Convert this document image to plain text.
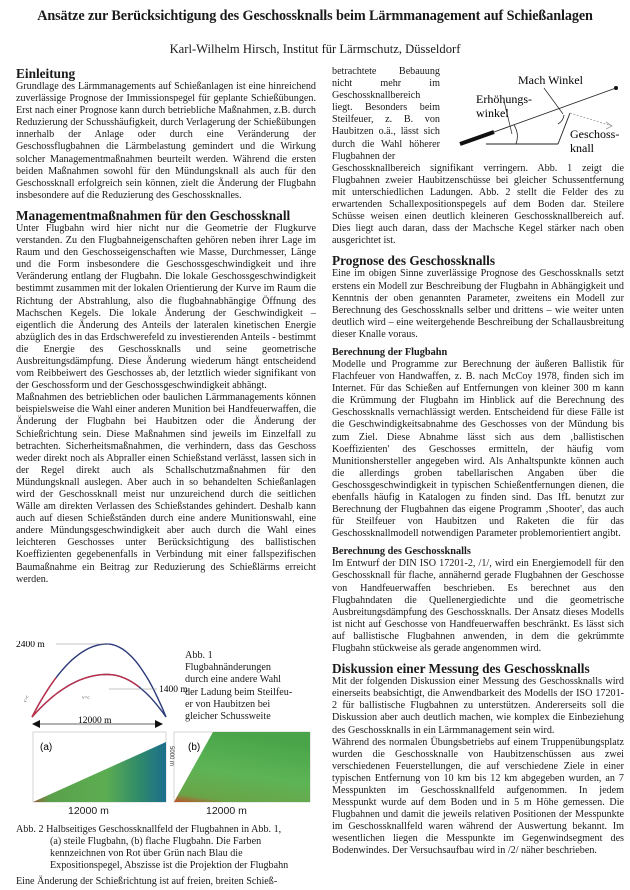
Ansätze zur Berücksichtigung des Geschossknalls beim Lärmmanagement auf Schießanlagen
Karl-Wilhelm Hirsch, Institut für Lärmschutz, Düsseldorf
Einleitung

Grundlage des Lärmmanagements auf Schießanlagen ist eine hinreichend zuverlässige Prognose der Immissionspegel für geplante Schießübungen. Erst nach einer Prognose kann durch betriebliche Maßnahmen, z.B. durch Reduzierung der Schusshäufigkeit, durch Verlagerung der Schießübungen innerhalb der Anlage oder durch eine Veränderung der Geschossflugbahnen die Lärmbelastung gemindert und die Wirkung solcher Managementmaßnahmen beurteilt werden. Während die ersten beiden Maßnahmen sowohl für den Mündungsknall als auch für den Geschossknall erfolgreich sein können, zielt die Änderung der Flugbahn insbesondere auf die Reduzierung des Geschossknalles.

Managementmaßnahmen für den Geschossknall

Unter Flugbahn wird hier nicht nur die Geometrie der Flugkurve verstanden. Zu den Flugbahneigenschaften gehören neben ihrer Lage im Raum und den Geschosseigenschaften wie Masse, Durchmesser, Länge und die Form insbesondere die Geschossgeschwindigkeit und ihre Veränderung entlang der Flugbahn. Die lokale Geschossgeschwindigkeit bestimmt zusammen mit der lokalen Orientierung der Kurve im Raum die Richtung der Abstrahlung, also die flugbahnabhängige Öffnung des Machschen Kegels. Die lokale Änderung der Geschwindigkeit – eigentlich die Änderung des Anteils der lateralen kinetischen Energie abzüglich des in das Erdschwerefeld zu investierenden Anteils - bestimmt die Energie des Geschossknalls und seine geometrische Ausbreitungsdämpfung. Diese Änderung wiederum hängt entscheidend vom Reibbeiwert des Geschosses ab, der letztlich wieder signifikant von der Geschossform und der Geschossgeschwindigkeit abhängt.

Maßnahmen des betrieblichen oder baulichen Lärmmanagements können beispielsweise die Wahl einer anderen Munition bei Handfeuerwaffen, die Änderung der Flugbahn bei Haubitzen oder die Änderung der Schießrichtung sein. Diese Maßnahmen sind jeweils im Einzelfall zu betrachten. Sicherheitsmaßnahmen, die verhindern, dass das Geschoss weder direkt noch als Abpraller einen Schießstand verlässt, lassen sich in der Regel direkt auch als Schallschutzmaßnahmen für den Mündungsknall auslegen. Aber auch in so behandelten Schießanlagen wird der Geschossknall meist nur unzureichend durch die seitlichen Wälle am direkten Verlassen des Schießstandes gehindert. Deshalb kann auch auf diesen Schießständen durch eine andere Munitionswahl, eine andere Mündungsgeschwindigkeit aber auch durch die Wahl eines leichteren Geschosses unter Berücksichtigung des ballistischen Koeffizienten gegebenenfalls in Verbindung mit einer fallspezifischen Baumaßnahme ein Beitrag zur Reduzierung des Schießlärms erreicht werden.

2400 m
1400 m
v>c	v=c
12000 m
Abb. 1
Flugbahnänderungen
durch eine andere Wahl
der Ladung beim Steilfeu-
er von Haubitzen bei
gleicher Schussweite
(a)	(b)
5000 m
12000 m	12000 m
Abb. 2 Halbseitiges Geschossknallfeld der Flugbahnen in Abb. 1,
(a) steile Flugbahn, (b) flache Flugbahn. Die Farben kennzeichnen von Rot über Grün nach Blau die Expositionspegel, Abszisse ist die Projektion der Flugbahn
Eine Änderung der Schießrichtung ist auf freien, breiten Schieß-
Mach Winkel
Erhöhungs-
winkel
Geschoss-
knall

betrachtete Bebauung nicht mehr im Geschossknallbereich liegt. Besonders beim Steilfeuer, z. B. von Haubitzen o.ä., lässt sich durch die Wahl höherer Flugbahnen der

Geschossknallbereich signifikant verringern. Abb. 1 zeigt die Flugbahnen zweier Haubitzenschüsse bei gleicher Schussentfernung mit unterschiedlichen Ladungen. Abb. 2 stellt die Felder des zu erwartenden Schallexpositionspegels auf dem Boden dar. Steilere Schüsse weisen einen deutlich kleineren Geschossknallbereich auf. Dies liegt auch daran, dass der Machsche Kegel stärker nach oben ausgerichtet ist.

Prognose des Geschossknalls

Eine im obigen Sinne zuverlässige Prognose des Geschossknalls setzt erstens ein Modell zur Beschreibung der Flugbahn in Abhängigkeit und Kenntnis der oben genannten Parameter, zweitens ein Modell zur Berechnung des Geschossknalls selber und drittens – wie weiter unten deutlich wird – eine weitergehende Beschreibung der Schallausbreitung dieser Knalle voraus.

Berechnung der Flugbahn

Modelle und Programme zur Berechnung der äußeren Ballistik für Flachfeuer von Handwaffen, z. B. nach McCoy 1978, finden sich im Internet. Für das Schießen auf Entfernungen von kleiner 300 m kann die Krümmung der Flugbahn im Hinblick auf die Berechnung des Geschossknalls vernachlässigt werden. Entscheidend für diese Fälle ist die Geschwindigkeitsabnahme des Geschosses von der Mündung bis zum Ziel. Diese Abnahme lässt sich aus dem ‚ballistischen Koeffizienten' des Geschosses ermitteln, der häufig vom Munitionshersteller angegeben wird. Als Anhaltspunkte können auch die allerdings groben tabellarischen Angaben über die Geschossgeschwindigkeit in typischen Schießentfernungen dienen, die ebenfalls häufig in Katalogen zu finden sind. Das IfL benutzt zur Berechnung der Flugbahnen das eigene Programm ‚Shooter', das auch für Steilfeuer von Haubitzen und Raketen die für das Geschossknallmodell notwendigen Parameter problemorientiert angibt.

Berechnung des Geschossknalls

Im Entwurf der DIN ISO 17201-2, /1/, wird ein Energiemodell für den Geschossknall für flache, annähernd gerade Flugbahnen der Geschosse von Handfeuerwaffen beschrieben. Es berechnet aus den Flugbahndaten die Quellenergiedichte und die geometrische Ausbreitungsdämpfung des Geschossknalls. Der Ansatz dieses Modells ist nicht auf Geschosse von Handfeuerwaffen beschränkt. Es lässt sich auf ballistische Flugbahnen anwenden, in dem die gekrümmte Flugbahn stückweise als gerade angenommen wird.

Diskussion einer Messung des Geschossknalls

Mit der folgenden Diskussion einer Messung des Geschossknalls wird einerseits beabsichtigt, die Anwendbarkeit des Modells der ISO 17201-2 für ballistische Flugbahnen zu unterstützen. Andererseits soll die Diskussion aber auch deutlich machen, wie komplex die Einbeziehung des Geschossknalls in ein Lärmmanagement sein wird.

Während des normalen Übungsbetriebs auf einem Truppenübungsplatz wurden die Geschossknalle von Haubitzenschüssen aus zwei verschiedenen Feuerstellungen, die auf verschiedene Ziele in einer typischen Entfernung von 10 km bis 12 km abgegeben wurden, an 7 Messpunkten im Geschossknallfeld aufgenommen. In jedem Messpunkt wurde auf dem Boden und in 5 m Höhe gemessen. Die Flugbahnen und damit die jeweils relativen Positionen der Messpunkte im Geschossknallfeld waren während der Auswertung bekannt. Im wesentlichen liegen die Messpunkte im Gegenwindsegment des Bodenwindes. Der Versuchsaufbau wird in /2/ näher beschrieben.
